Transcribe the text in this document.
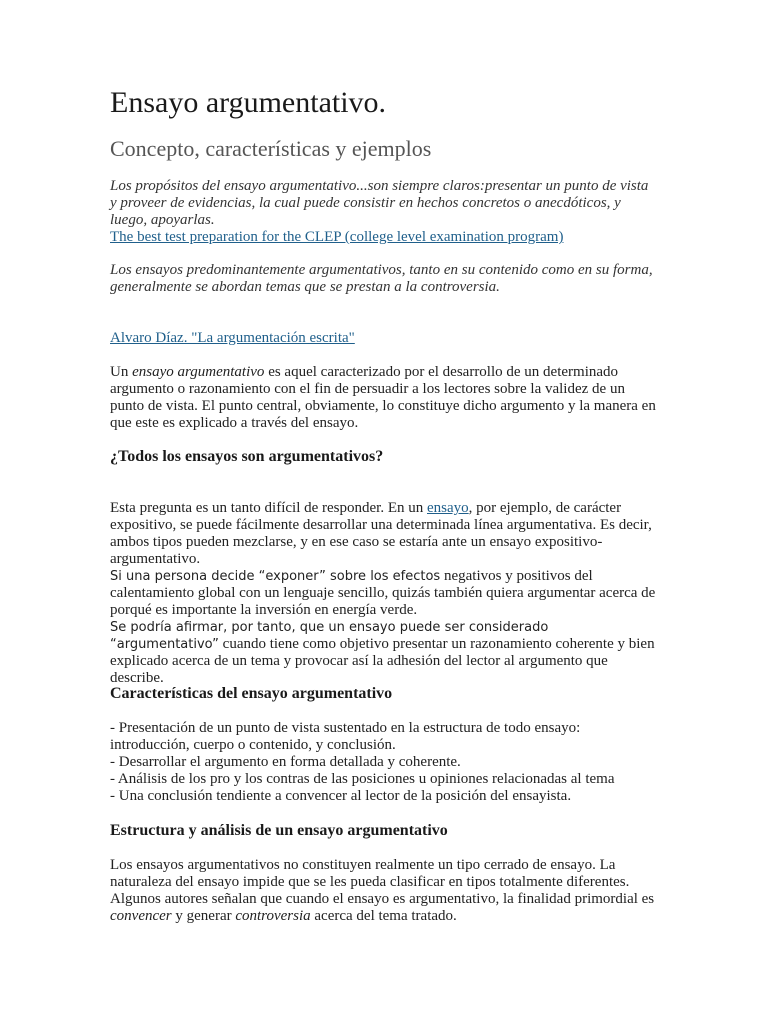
Ensayo argumentativo.
Concepto, características y ejemplos

Los propósitos del ensayo argumentativo...son siempre claros:presentar un punto de vista y proveer de evidencias, la cual puede consistir en hechos concretos o anecdóticos, y luego, apoyarlas.

The best test preparation for the CLEP (college level examination program)

Los ensayos predominantemente argumentativos, tanto en su contenido como en su forma, generalmente se abordan temas que se prestan a la controversia.

Alvaro Díaz. "La argumentación escrita"

Un ensayo argumentativo es aquel caracterizado por el desarrollo de un determinado argumento o razonamiento con el fin de persuadir a los lectores sobre la validez de un punto de vista. El punto central, obviamente, lo constituye dicho argumento y la manera en que este es explicado a través del ensayo.

¿Todos los ensayos son argumentativos?

Esta pregunta es un tanto difícil de responder. En un ensayo, por ejemplo, de carácter expositivo, se puede fácilmente desarrollar una determinada línea argumentativa. Es decir, ambos tipos pueden mezclarse, y en ese caso se estaría ante un ensayo expositivo-argumentativo.

Si una persona decide “exponer” sobre los efectos negativos y positivos del calentamiento global con un lenguaje sencillo, quizás también quiera argumentar acerca de porqué es importante la inversión en energía verde.

Se podría afirmar, por tanto, que un ensayo puede ser considerado “argumentativo” cuando tiene como objetivo presentar un razonamiento coherente y bien explicado acerca de un tema y provocar así la adhesión del lector al argumento que describe.

Características del ensayo argumentativo
- Presentación de un punto de vista sustentado en la estructura de todo ensayo: introducción, cuerpo o contenido, y conclusión.
- Desarrollar el argumento en forma detallada y coherente.
- Análisis de los pro y los contras de las posiciones u opiniones relacionadas al tema
- Una conclusión tendiente a convencer al lector de la posición del ensayista.
Estructura y análisis de un ensayo argumentativo

Los ensayos argumentativos no constituyen realmente un tipo cerrado de ensayo. La naturaleza del ensayo impide que se les pueda clasificar en tipos totalmente diferentes. Algunos autores señalan que cuando el ensayo es argumentativo, la finalidad primordial es convencer y generar controversia acerca del tema tratado.
